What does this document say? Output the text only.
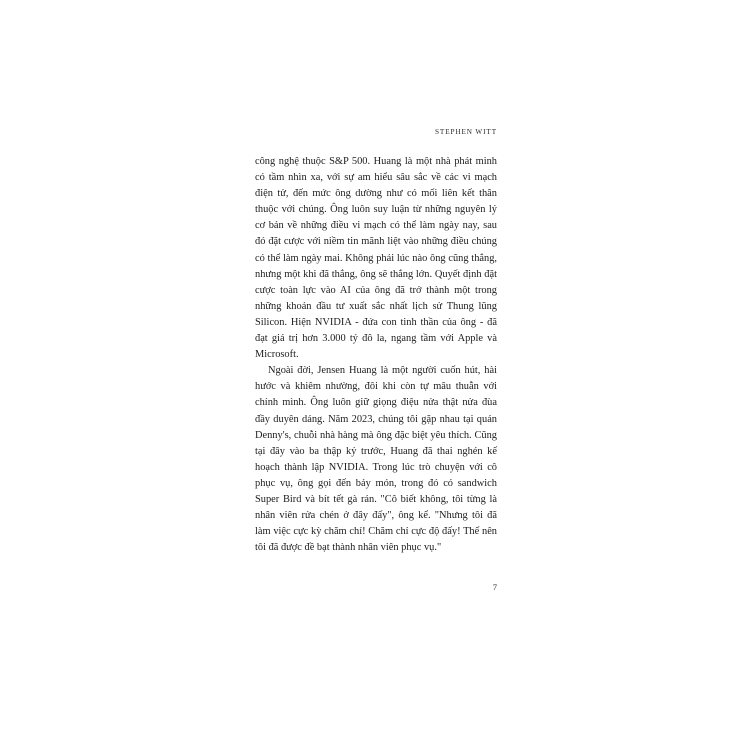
STEPHEN WITT

công nghệ thuộc S&P 500. Huang là một nhà phát minh có tầm nhìn xa, với sự am hiểu sâu sắc về các vi mạch điện tử, đến mức ông dường như có mối liên kết thân thuộc với chúng. Ông luôn suy luận từ những nguyên lý cơ bản về những điều vi mạch có thể làm ngày nay, sau đó đặt cược với niềm tin mãnh liệt vào những điều chúng có thể làm ngày mai. Không phải lúc nào ông cũng thắng, nhưng một khi đã thắng, ông sẽ thắng lớn. Quyết định đặt cược toàn lực vào AI của ông đã trở thành một trong những khoản đầu tư xuất sắc nhất lịch sử Thung lũng Silicon. Hiện NVIDIA - đứa con tinh thần của ông - đã đạt giá trị hơn 3.000 tỷ đô la, ngang tầm với Apple và Microsoft.

Ngoài đời, Jensen Huang là một người cuốn hút, hài hước và khiêm nhường, đôi khi còn tự mâu thuẫn với chính mình. Ông luôn giữ giọng điệu nửa thật nửa đùa đầy duyên dáng. Năm 2023, chúng tôi gặp nhau tại quán Denny's, chuỗi nhà hàng mà ông đặc biệt yêu thích. Cũng tại đây vào ba thập kỷ trước, Huang đã thai nghén kế hoạch thành lập NVIDIA. Trong lúc trò chuyện với cô phục vụ, ông gọi đến bảy món, trong đó có sandwich Super Bird và bít tết gà rán. "Cô biết không, tôi từng là nhân viên rửa chén ở đây đấy", ông kể. "Nhưng tôi đã làm việc cực kỳ chăm chỉ! Chăm chỉ cực độ đấy! Thế nên tôi đã được đề bạt thành nhân viên phục vụ."

7
